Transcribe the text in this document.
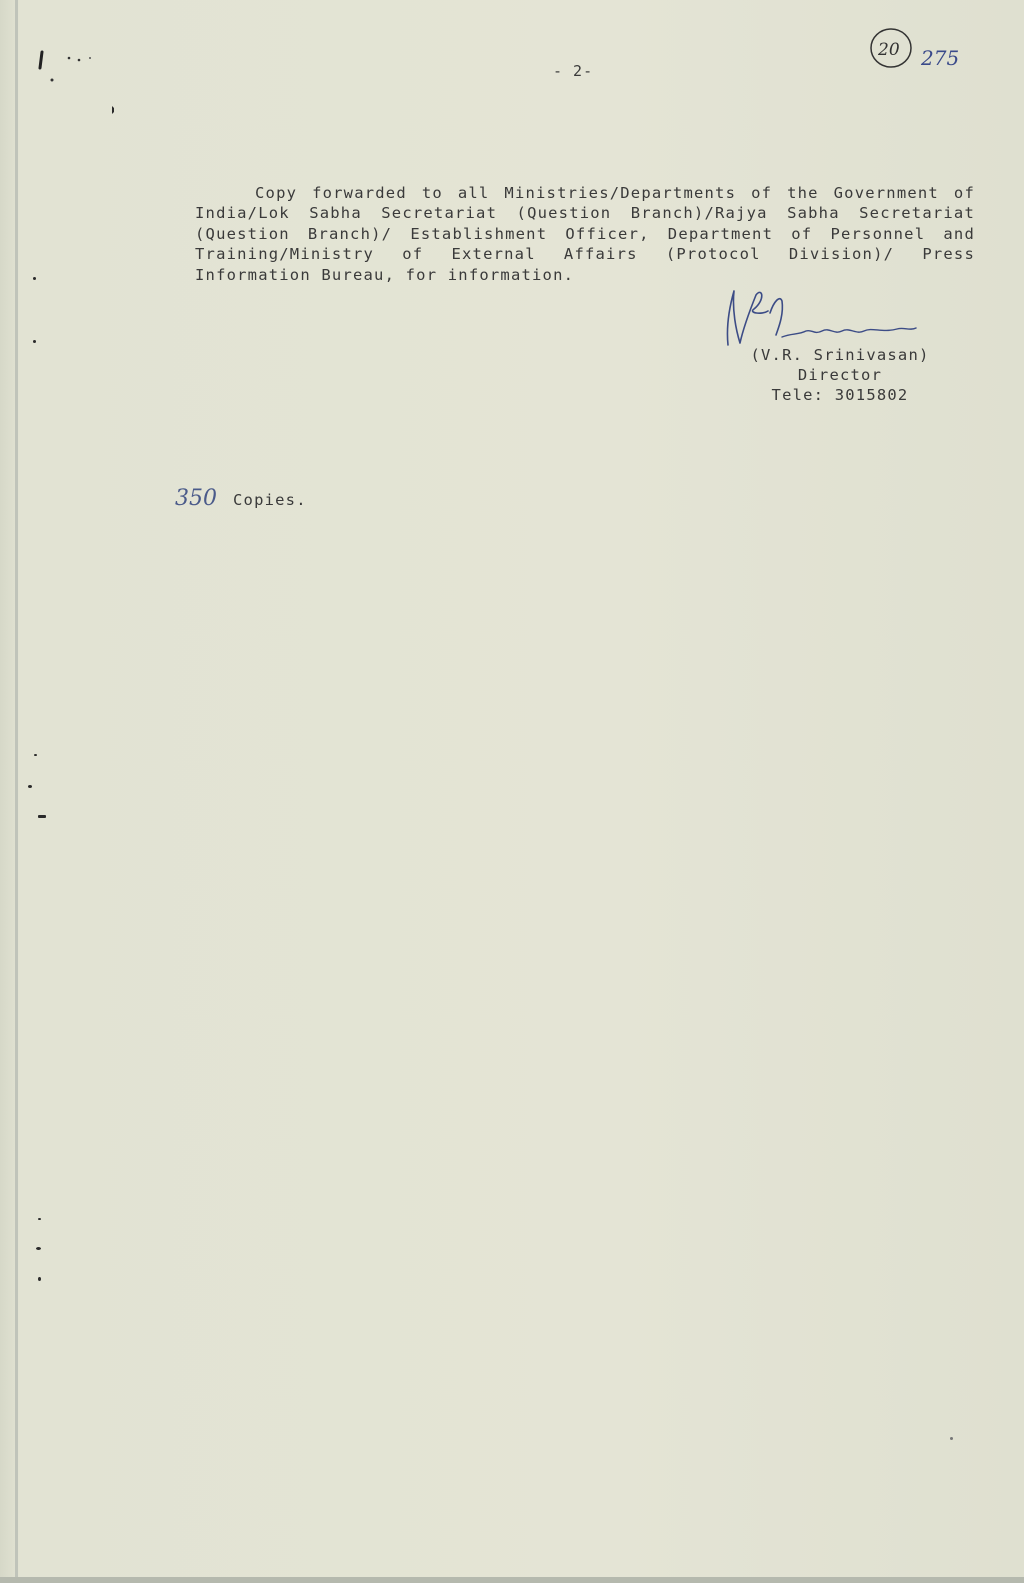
- 2-
20 275
Copy forwarded to all Ministries/Departments of the Government of India/Lok Sabha Secretariat (Question Branch)/Rajya Sabha Secretariat (Question Branch)/ Establishment Officer, Department of Personnel and Training/Ministry of External Affairs (Protocol Division)/ Press Information Bureau, for information.
(V.R. Srinivasan)
Director
Tele: 3015802
350 Copies.
